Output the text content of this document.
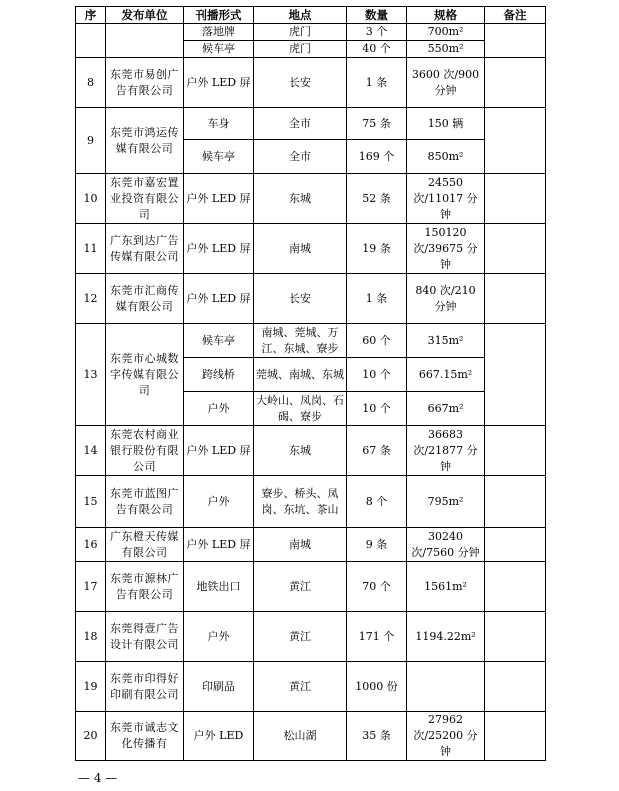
序	发布单位	刊播形式	地点	数量	规格	备注
		落地牌	虎门	3 个	700m²	
		候车亭	虎门	40 个	550m²	
8	东莞市易创广告有限公司	户外 LED 屏	长安	1 条	3600 次/900 分钟	
9	东莞市鸿运传媒有限公司	车身	全市	75 条	150 辆	
		候车亭	全市	169 个	850m²	
10	东莞市嘉宏置业投资有限公司	户外 LED 屏	东城	52 条	24550 次/11017 分钟	
11	广东到达广告传媒有限公司	户外 LED 屏	南城	19 条	150120 次/39675 分钟	
12	东莞市汇商传媒有限公司	户外 LED 屏	长安	1 条	840 次/210 分钟	
13	东莞市心城数字传媒有限公司	候车亭	南城、莞城、万江、东城、寮步	60 个	315m²	
		跨线桥	莞城、南城、东城	10 个	667.15m²	
		户外	大岭山、凤岗、石碣、寮步	10 个	667m²	
14	东莞农村商业银行股份有限公司	户外 LED 屏	东城	67 条	36683 次/21877 分钟	
15	东莞市蓝图广告有限公司	户外	寮步、桥头、凤岗、东坑、茶山	8 个	795m²	
16	广东橙天传媒有限公司	户外 LED 屏	南城	9 条	30240 次/7560 分钟	
17	东莞市源林广告有限公司	地铁出口	黄江	70 个	1561m²	
18	东莞得壹广告设计有限公司	户外	黄江	171 个	1194.22m²	
19	东莞市印得好印刷有限公司	印刷品	黄江	1000 份		
20	东莞市诚志文化传播有	户外 LED	松山湖	35 条	27962 次/25200 分钟	
— 4 —
